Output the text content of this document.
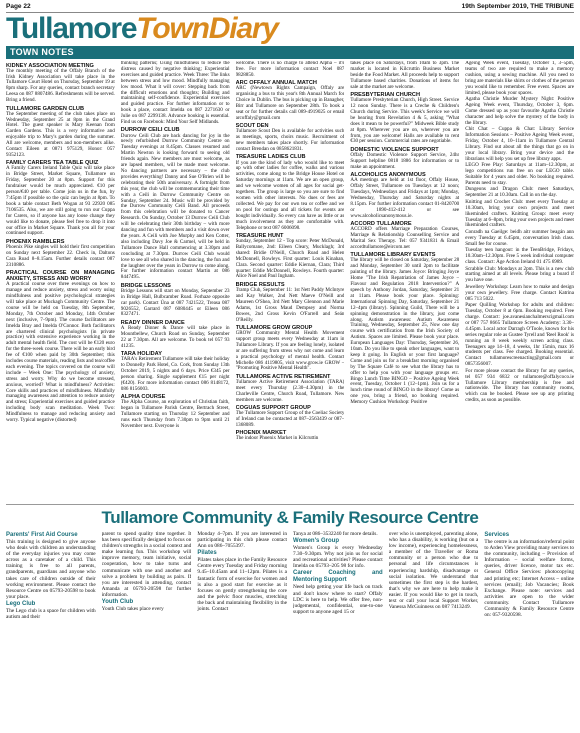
Page 22	19th September 2019, THE TRIBUNE
Tullamore TownDiary
TOWN NOTES
KIDNEY ASSOCIATION MEETING

The monthly meeting of the Offaly Branch of the Irish Kidney Association will take place in the Tullamore Court Hotel on Thursday, September 19 at 8pm sharp. For any queries, contact branch secretary Leesa on 087 8807486. Refreshments will be served. Bring a friend.

TULLAMORE GARDEN CLUB

The September meeting of the club takes place on Wednesday, September 25 at 8pm in the Grand Hotel. The guest speaker is Mary Keenan from Garden Gardens. This is a very informative and enjoyable trip to Mary's garden during the summer. All are welcome, members and non-members alike. Contact Eileen at 0871 975129, Honor: 057 9352123.

FAMILY CARERS TEA TABLE QUIZ

A Family Carers Ireland Table Quiz will take place in Bridge Street, Market Square, Tullamore on Friday, September 20 at 8pm. Support for this fundraiser would be much appreciated. €10 per person/€40 per table. Come join us in the fun, by 7:45pm if possible so the quiz can begin at 8pm. To book a table contact Beth Wogan at 93 22920 085 7106535. Also, we are still going to run our Cuppa for Carers, so if anyone has any loose change they would like to donate, please feel free to drop it into our office in Market Square. Thank you all for your continued support.

PHOENIX RAMBLERS

Phoenix Pike singles will hold their first competition on Sunday next September 22. Check in, Daltons Cara Road 8–8.15am. Further details contact 087 2310886.

PRACTICAL COURSE ON MANAGING ANXIETY, STRESS AND WORRY

A practical course over three evenings on how to manage and reduce anxiety, stress and worry using mindfulness and positive psychological strategies will take place at Muckagh Community Centre. The course will be held on Tuesday, 8th September, Monday, 7th October and Monday, 14th October next (inclusive, 7–9pm). The course facilitators are Imelda Bray and Imelda O'Connor. Both facilitators are chartered clinical psychologists (in private practice) with extensive experience working in the adult mental health field. The cost will be €120 euro for the three-week course. There will be an early bird fee of €100 when paid by 30th September; this includes course materials, reading lists and tea/coffee each evening. The topics covered on the course will include – Week One: The psychology of anxiety, stress and worry. Why do we become stressed, anxious, worried? What is mindfulness? Activities: Core skills and practices of mindfulness. Mindfully managing awareness and attention to reduce anxiety and stress; Experiential exercises and guided practice including body scan meditation. Week Two: Mindfulness to manage and reducing anxiety and worry. Typical negative (distorted)

thinking patterns; Using mindfulness to reduce the distress caused by negative thinking; Experiential exercises and guided practice. Week Three: The links between stress and low mood. Mindfully managing low mood. What it will cover: Stepping back from the difficult emotions and thoughts; Building and maintaining self-confidence. Experiential exercises and guided practice. For further information or to book a place, contact Imelda on 087 2271630 or Julie on 087 2299138. Advance booking is essential. Find us on Facebook: Mind Your Self Midlands.

DURROW CEILI CLUB

Durrow Ceili Club are back dancing for joy in the newly refurbished Durrow Community Centre on Tuesday evenings at 8.45pm. Classes resumed and Martin Newton is looking forward to seeing old friends again. New members are most welcome, as are lapsed members, will be made most welcome. No dancing partners are necessary – the club provides everything! Danny and Sue O'Brien will be celebrating their 50th anniversary. A fortnight from this year, the club will be commemorating their time with a Ceili in Durrow Community Centre on Sunday, September 24. Music will be provided by the Durrow Community Ceili Band. All proceeds from this celebration will be donated to Cancer Research. On Sunday, October 13 Durrow Ceili Club will be celebrating their 30th birthday – with more dancing and fun with members and a visit down over the years. A Ceili with Joe Murphy and Ken Cotter, also including Davy Joe & Carmel, will be held in Tullamore Dance Hall commencing at 3.30pm and concluding at 7.30pm. Durrow Ceili Club would love to see all who shared in the dancing, the fun and the laughter over the years in Durrow to come along. For further information contact Martin at 086 8447495.

BRIDGE LESSONS

Bridge Lessons will start on Monday, September 23 in Bridge Hall, Bulbcamber Road. Forhaze opposite car park). Contact Úna at 087 7421522, Treasa 087 9026552, Garrard 087 6080445 or Eileen 086 8327471.

READY DINNER DANCE

A Ready Dinner & Dance will take place in Mountbellew, Church Road on Sunday, September 22 at 7.30pm. All are welcome. To book tel 057 93 41235.

TARA HOLIDAY

TARA's Retirement Tullamore will take their holiday to Donnelly Park Hotel, Co. Cork, from Sunday 13th October 2019, 5 nights and 6 days. Price €345 per person sharing. Single supplement €15 per night (€420). For more information contact 086 8148172, 086 8156003.

ALPHA COURSE

The Alpha Course, an exploration of Christian faith, began in Tullamore Parish Centre, Bertrach Street, Tullamore starting on Thursday 12 September and runs each Thursday from 7.30pm to 9pm until 21 November next. Everyone is

welcome. There is no charge to attend Alpha – it's free. For more information contact Noel 087 9828850.

ARC OFFALY ANNUAL MATCH

ARC (Newtown Rights Campaign, Offaly are organising a bus to this year's 8th Annual March for Choice in Dublin. The bus is picking up in Banagher, Birr and Tullamore on September 28th. To book a seat or for further details call 089-4919025 or email arcoffaly@gmail.com

SCOUT DEN

Tullamore Scout Den is available for activities such as meetings, sports, choirs music. Recruitment of new members takes place shortly. For information contact Brendan on 0858621831.

TREASURE LADIES CLUB

If you are the kind of lady who would like to meet up with other ladies for coffee, walks and various activities, come along to the Bridge House Hotel on Saturday mornings at 11am. We are an open group, and we welcome women of all ages for social get-togethers. The group is large so you are sure to find women with other interests. No dues or fees are collected. We pay for our own tea or coffee and we on pool for outings and all tickets for events are bought individually. So every can have as little or as much involvement as they are comfortable with. Telephone or text 087 6006098.

TREASURE HUNT

Sunday, September 12 - Top score: Peter McDonald, Ballycomane, 2nd: Eileen Cleary, Mucklagh; 3rd shared: Bridie O'Neill, Church Road and Helen McDonnell, Rowleys. First quarter: Louis Kinahan, Clara. Second quarter: Eddie Kiernan, Clara; Third quarter: Eddie McDonnell, Rowleys. Fourth quarter: Alice Noel and Paul Ingham.

BRIDGE RESULTS

Tramp Club, September 11: 1st Nett Paddy McIntyre and Kay Walker, 2nd Nett Maeve O'Neill and Maureen O'Shea, 3rd Nett Mary Glennon and Marie Adams, 1st Gross Maud Dempsey and Norma Bowes, 2nd Gross Kevin O'Farrell and Seán O'Reilly.

TULLAMORE GROW GROUP

GROW Community Mental Health Movement support group meets every Wednesday at 11am in Tullamore Library. If you are feeling lonely, isolated or are suffering from stress why not come and learn a practical psychology of mental health. Contact Michelle 086 4119805, visit www.grow.ie GROW – "Promoting Positive Mental Health".

TULLAMORE ACTIVE RETIREMENT

Tullamore Active Retirement Association (TARA) meet every Thursday (2.30–4.30pm) in the Charleville Centre, Church Road, Tullamore. New members are welcome.

COGUAS SUPPORT GROUP

The Tullamore Support Group of the Coeliac Society of Ireland can be contacted at 087–2563439 or 087–1368089.

PHOENIX MARKET

The indoor Phoenix Market in Kilcruttin

takes place on Saturdays, from 10am to 3pm. The market is located in Kilcruttin Business Market beside the Food Market. All proceeds help to support Tullamore based charities. Donations of items for sale at the market are welcome.

PRESBYTERIAN CHURCH

Tullamore Presbyterian Church, High Street. Service 12 noon Sunday. There is a Creche & Children's Church during Service. This week's Service we will be hearing from Revelation 4 & 5, asking "What does it mean to be powerful?" Midweek Bible study at 8pm. Wherever you are on, wherever you are from, you are welcome! Halls are available to rent €30 per session. Commercial rates are negotiable.

DOMESTIC VIOLENCE SUPPORT

Offaly Domestic Violence Support Service, 24hr Support helpline 0818 1886 for information or to make an appointment.

ALCOHOLICS ANONYMOUS

AA meetings are held at 1st floor, Offaly House, Offaly Street, Tullamore on Tuesdays at 12 noon; Tuesdays, Wednesdays and Fridays at 1pm; Monday, Wednesday, Thursday and Saturday nights at 8.15pm. For further information contact 01-8420700 or 1890-412-412 or see www.alcoholicsanonymous.ie.

ACCORD TULLAMORE

ACCORD offers Marriage Preparation Courses, Marriage & Relationship Counselling Service and Marital Sex Therapy. Tel: 057 9341831 & Email accordtullamore@eircom.net

TULLAMORE LIBRARY EVENTS

The library will be closed on Saturday, September 28 and Monday, September 30 until 2pm to facilitate painting of the library. James Joyce: Bringing Joyce Home "The Irish Repatriation of James Joyce – Flavour and Regulation 2018 Intervention?" A speech by Anthony Jordan, Saturday, September 21 at 11am. Please book your place. Spinning: International Spinning Day, Saturday, September 21 12–4pm (library). Spinning Guild, There will be a spinning demonstration in the library, just come along. Autism awareness: Autism Awareness Training, Wednesday, September 25, Now one day course with certification from the Irish Society of Autism. Spaces are limited. Please book your place. European Languages Day: Thursday, September 26, 10am. Do you like to speak other languages, want to keep it going. In English or your first language? Come and join us for a breakfast morning organised by The Square Café to see what the library has to offer to help you with your language groups etc. Bingo Lunch Time BINGO – Positive Ageing Week event, Tuesday, October 1 (12–1pm). Join us for a lunch time round of BINGO in the library! Come as one you, bring a friend, no booking required. Memory Cushion Workshop: Positive

Ageing Week event, Tuesday, October 1, 3–5pm, teams of two are required to make a memory cushion, using a sewing machine. All you need to bring are materials like shirts or clothes of the person you would like to remember. Free event. Spaces are limited, please book your spaces.

Agatha Christie Murder Mystery Night: Positive Ageing Week event, Thursday, October 3, 6pm. Come dressed up as your favourite Agatha Christie character and help solve the mystery of the body in the library.

Chit Chat – Cuppa & Chat: Library Service Information Sessions – Positive Ageing Week event, Friday, October 4, 10–11am in Tullamore Central Library. Find out about all the things that go on in your local library. Bring your device and the librarians will help you set up free library apps.

LEGO Free Play: Saturdays at 11am–12.30pm, at lego competitions run free on our LEGO table. Suitable for 4 years and older. No booking required. Parents need to stay.

Dungeons and Dragon Club: meet Saturdays, September 21 at 10.30am. Call in on the day.

Knitting and Crochet Club: meet every Tuesday at 10.30am, bring your own projects and meet likeminded crafters. Knitting Group: meet every Tuesday at 6–8pm, bring your own projects and meet likeminded crafters.

Conradh na Gaeilge: beidh aítr summer beagán ann every Tuesday at 6.45pm, conversation Irish class. Small fee for course.

Tuesday teen hangout: in the TeenBridge, Fridays, 10.30am–12.30pm. Free 5 week individual computer class. Contact: Áge Action Ireland 01 475 6989.

Scrabble Club: Mondays at 2pm. This is a new club starting aimed at all levels. Please bring a board if you have one.

Jewellery Workshop: Learn how to make and design your own jewellery. Free charge. Contact Katrina 085 713 5022.

Paper Quilling Workshop for adults and children: Tuesday, October 8 at 6pm. Booking required. Free charge. Contact: joe.avanesianchalmerscigmail.com or 087 757 8665 Tullamore Screen Academy: 3.30–4.45pm. Local actor Darragh O'Toole, known for his series regular role as Gustee Tyrell and 'Reel Rook' is running an 8 week weekly screen acting class. Teenagers age 14–18, 4 weeks, 1hr 15min, max 16 students per class. Fee charged. Booking essential. Contact tullamorescreenacting@gmail.com or 0857356007.

For more please contact the library for any queries, tel 057 934 6832 or tullamore@offalycoco.ie Tullamore Library membership is free and nationwide. The library has community rooms, which can be booked. Please see up any printing credits, as soon as possible.

Tullamore Community & Family Resource Centre
Parents' First Aid Course

This training is designed to give anyone who deals with children an understanding of the everyday injuries you may come across as a caretaker of a child. This training is free to all parents, grandparents, guardians and anyone who takes care of children outside of their working environment. Please contact the Resource Centre on 05793-20598 to book your place.

Lego Club

The Lego club is a space for children with autism and their

parent to spend quality time together. It has been specifically designed to focus on children's strengths in a social context and make learning fun. This workshop will improve memory, team initiative, social cooperation, how to take turns and communicate with one and another and solve a problem by building as pairs. If you are interested in attending, contact Amanda at 05793-20598 for further information.

Youth Club

Youth Club takes place every

Monday 4–7pm. If you are interested in participating in this club please contact Ann on 086–7055397.

Pilates

Pilates takes place in the Family Resource Centre every Tuesday and Friday morning 9.45–10.45am and 11–12pm. Pilates is a fantastic form of exercise for women and is also a good start for exercise as it focuses on gently strengthening the core and the pelvic floor muscles, stretching the back and maintaining flexibility in the joints. Contact

Tanya at 086–3532240 for more details.

Women's Group

Women's Group is every Wednesday 7.30–9.30pm. Why not join us for social and recreational activities? Please contact Imelda on 05793–205 98 for info.

Career Coaching and Mentoring Support

Need help getting your life back on track and don't know where to start? Offaly LDC is here to help. We offer free, non-judgemental, confidential, one-to-one support to anyone aged 15 or

over who is unemployed, parenting alone, who has a disability, is working (but on a low income), experiencing homelessness, a member of the Traveller or Roma community or a person who due to personal and life circumstances is experiencing hardship, disadvantage or social isolation. We understand that sometimes the first step is the hardest, that's why we are here to help make it easier. If you would like to get in touch, text or call your local Support Worker, Vanessa McGuinness on 087 7413249.

Services

The centre is an information/referral point to Arden View providing many services to the community, including – Provision of Information – social welfare forms, queries, driver licence, motor tax etc. General Office Services: photocopying and printing etc; Internet Access – online services (email); Job Vacancies; Book Exchange. Please note: services and activities are open to the wider community. Contact Tullamore Community & Family Resource Centre on: 057-9320598.
